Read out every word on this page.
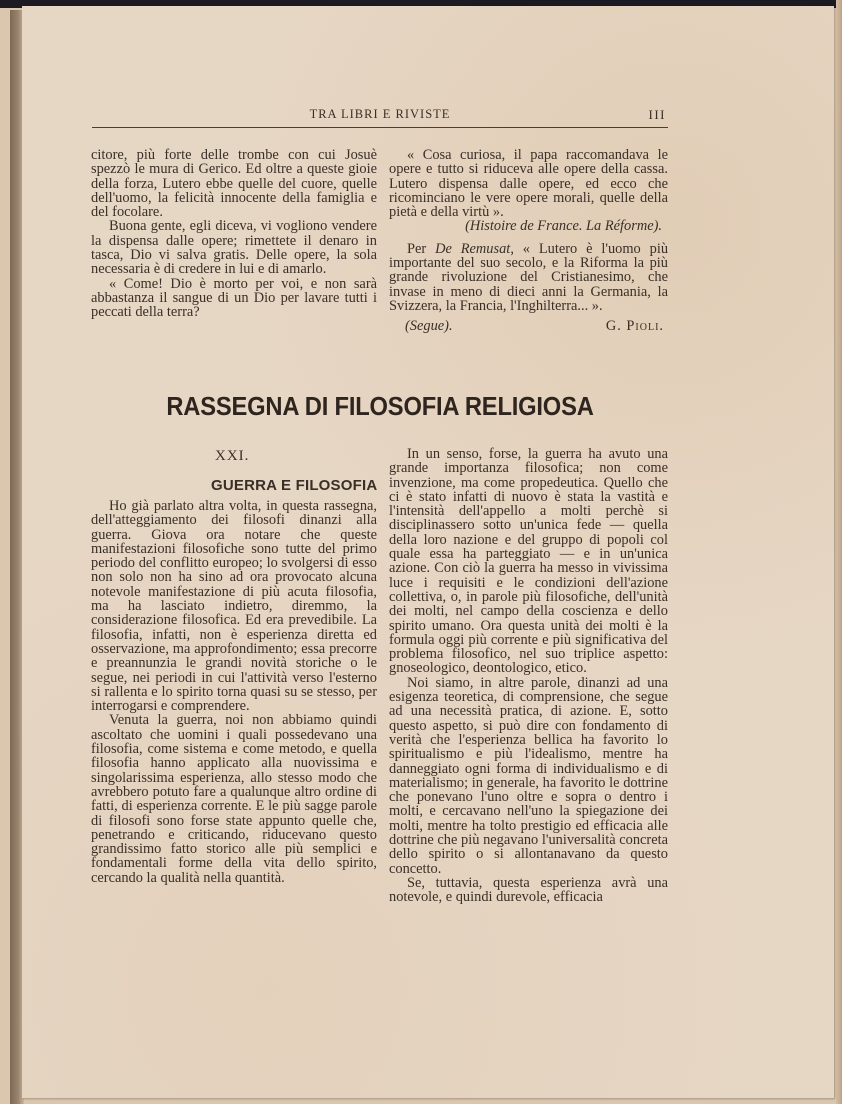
TRA LIBRI E RIVISTE	III

citore, più forte delle trombe con cui Josuè spezzò le mura di Gerico. Ed oltre a queste gioie della forza, Lutero ebbe quelle del cuore, quelle dell'uomo, la felicità innocente della famiglia e del focolare.

Buona gente, egli diceva, vi vogliono vendere la dispensa dalle opere; rimettete il denaro in tasca, Dio vi salva gratis. Delle opere, la sola necessaria è di credere in lui e di amarlo.

« Come! Dio è morto per voi, e non sarà abbastanza il sangue di un Dio per lavare tutti i peccati della terra?

« Cosa curiosa, il papa raccomandava le opere e tutto si riduceva alle opere della cassa. Lutero dispensa dalle opere, ed ecco che ricominciano le vere opere morali, quelle della pietà e della virtù ».

(Histoire de France. La Réforme).

Per De Remusat, « Lutero è l'uomo più importante del suo secolo, e la Riforma la più grande rivoluzione del Cristianesimo, che invase in meno di dieci anni la Germania, la Svizzera, la Francia, l'Inghilterra... ».

(Segue).	G. Pioli.
RASSEGNA DI FILOSOFIA RELIGIOSA
XXI.
GUERRA E FILOSOFIA

Ho già parlato altra volta, in questa rassegna, dell'atteggiamento dei filosofi dinanzi alla guerra. Giova ora notare che queste manifestazioni filosofiche sono tutte del primo periodo del conflitto europeo; lo svolgersi di esso non solo non ha sino ad ora provocato alcuna notevole manifestazione di più acuta filosofia, ma ha lasciato indietro, diremmo, la considerazione filosofica. Ed era prevedibile. La filosofia, infatti, non è esperienza diretta ed osservazione, ma approfondimento; essa precorre e preannunzia le grandi novità storiche o le segue, nei periodi in cui l'attività verso l'esterno si rallenta e lo spirito torna quasi su se stesso, per interrogarsi e comprendere.

Venuta la guerra, noi non abbiamo quindi ascoltato che uomini i quali possedevano una filosofia, come sistema e come metodo, e quella filosofia hanno applicato alla nuovissima e singolarissima esperienza, allo stesso modo che avrebbero potuto fare a qualunque altro ordine di fatti, di esperienza corrente. E le più sagge parole di filosofi sono forse state appunto quelle che, penetrando e criticando, riducevano questo grandissimo fatto storico alle più semplici e fondamentali forme della vita dello spirito, cercando la qualità nella quantità.

In un senso, forse, la guerra ha avuto una grande importanza filosofica; non come invenzione, ma come propedeutica. Quello che ci è stato infatti di nuovo è stata la vastità e l'intensità dell'appello a molti perchè si disciplinassero sotto un'unica fede — quella della loro nazione e del gruppo di popoli col quale essa ha parteggiato — e in un'unica azione. Con ciò la guerra ha messo in vivissima luce i requisiti e le condizioni dell'azione collettiva, o, in parole più filosofiche, dell'unità dei molti, nel campo della coscienza e dello spirito umano. Ora questa unità dei molti è la formula oggi più corrente e più significativa del problema filosofico, nel suo triplice aspetto: gnoseologico, deontologico, etico.

Noi siamo, in altre parole, dinanzi ad una esigenza teoretica, di comprensione, che segue ad una necessità pratica, di azione. E, sotto questo aspetto, si può dire con fondamento di verità che l'esperienza bellica ha favorito lo spiritualismo e più l'idealismo, mentre ha danneggiato ogni forma di individualismo e di materialismo; in generale, ha favorito le dottrine che ponevano l'uno oltre e sopra o dentro i molti, e cercavano nell'uno la spiegazione dei molti, mentre ha tolto prestigio ed efficacia alle dottrine che più negavano l'universalità concreta dello spirito o si allontanavano da questo concetto.

Se, tuttavia, questa esperienza avrà una notevole, e quindi durevole, efficacia
